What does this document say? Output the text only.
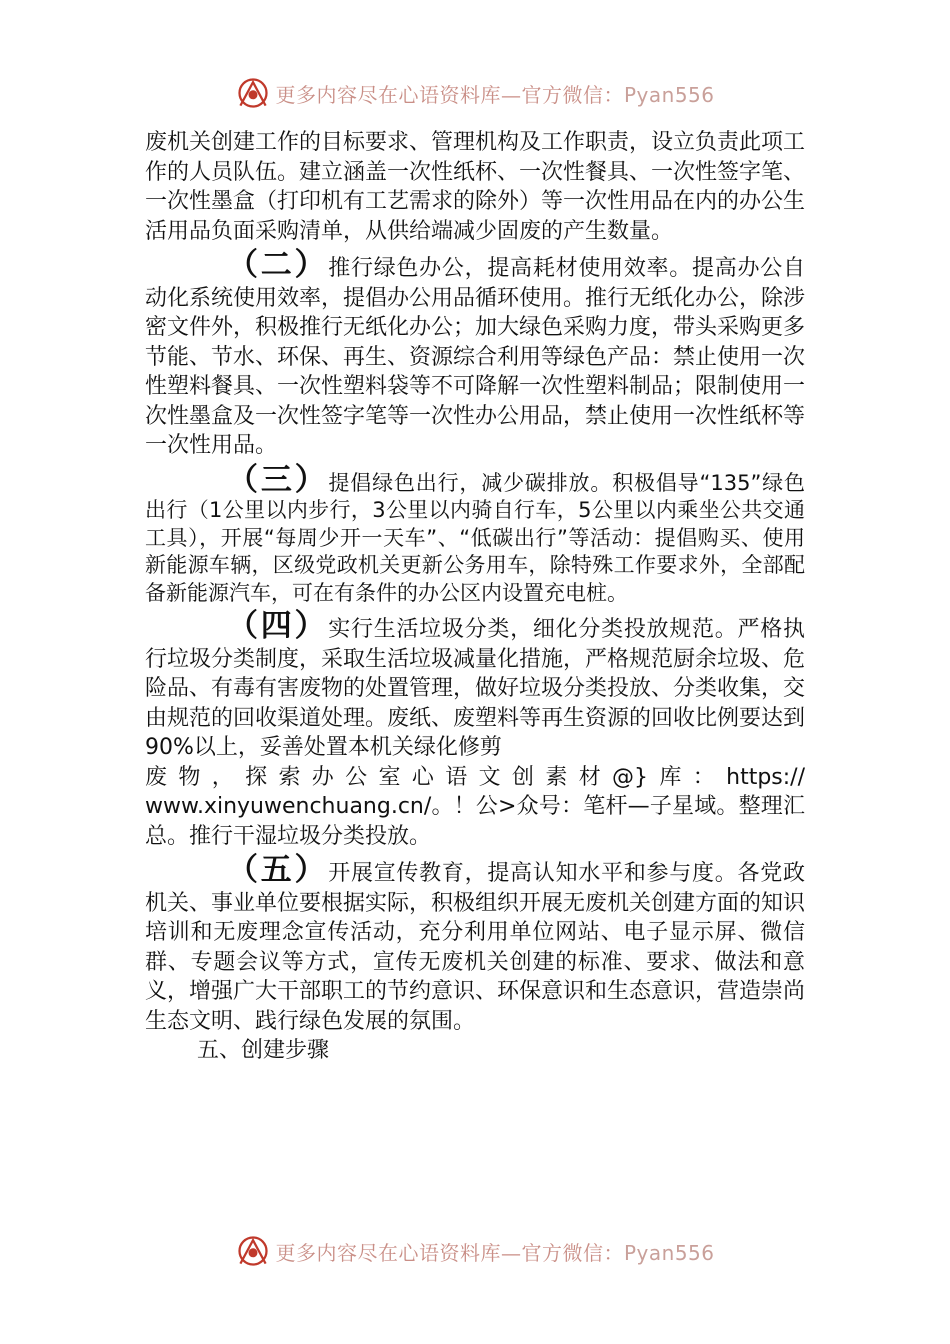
更多内容尽在心语资料库—官方微信：Pyan556

废机关创建工作的目标要求、管理机构及工作职责，设立负责此项工作的人员队伍。建立涵盖一次性纸杯、一次性餐具、一次性签字笔、一次性墨盒（打印机有工艺需求的除外）等一次性用品在内的办公生活用品负面采购清单，从供给端减少固废的产生数量。

（二）推行绿色办公，提高耗材使用效率。提高办公自动化系统使用效率，提倡办公用品循环使用。推行无纸化办公，除涉密文件外，积极推行无纸化办公；加大绿色采购力度，带头采购更多节能、节水、环保、再生、资源综合利用等绿色产品：禁止使用一次性塑料餐具、一次性塑料袋等不可降解一次性塑料制品；限制使用一次性墨盒及一次性签字笔等一次性办公用品，禁止使用一次性纸杯等一次性用品。

（三）提倡绿色出行，减少碳排放。积极倡导“135”绿色出行（1公里以内步行，3公里以内骑自行车，5公里以内乘坐公共交通工具），开展“每周少开一天车”、“低碳出行”等活动：提倡购买、使用新能源车辆，区级党政机关更新公务用车，除特殊工作要求外，全部配备新能源汽车，可在有条件的办公区内设置充电桩。

（四）实行生活垃圾分类，细化分类投放规范。严格执行垃圾分类制度，采取生活垃圾减量化措施，严格规范厨余垃圾、危险品、有毒有害废物的处置管理，做好垃圾分类投放、分类收集，交由规范的回收渠道处理。废纸、废塑料等再生资源的回收比例要达到90%以上，妥善处置本机关绿化修剪

废物，探索办公室心语文创素材@}库：https://

www.xinyuwenchuang.cn/。！公>众号：笔杆—子星域。整理汇总。推行干湿垃圾分类投放。

（五）开展宣传教育，提高认知水平和参与度。各党政机关、事业单位要根据实际，积极组织开展无废机关创建方面的知识培训和无废理念宣传活动，充分利用单位网站、电子显示屏、微信群、专题会议等方式，宣传无废机关创建的标准、要求、做法和意义，增强广大干部职工的节约意识、环保意识和生态意识，营造崇尚生态文明、践行绿色发展的氛围。

五、创建步骤

更多内容尽在心语资料库—官方微信：Pyan556
